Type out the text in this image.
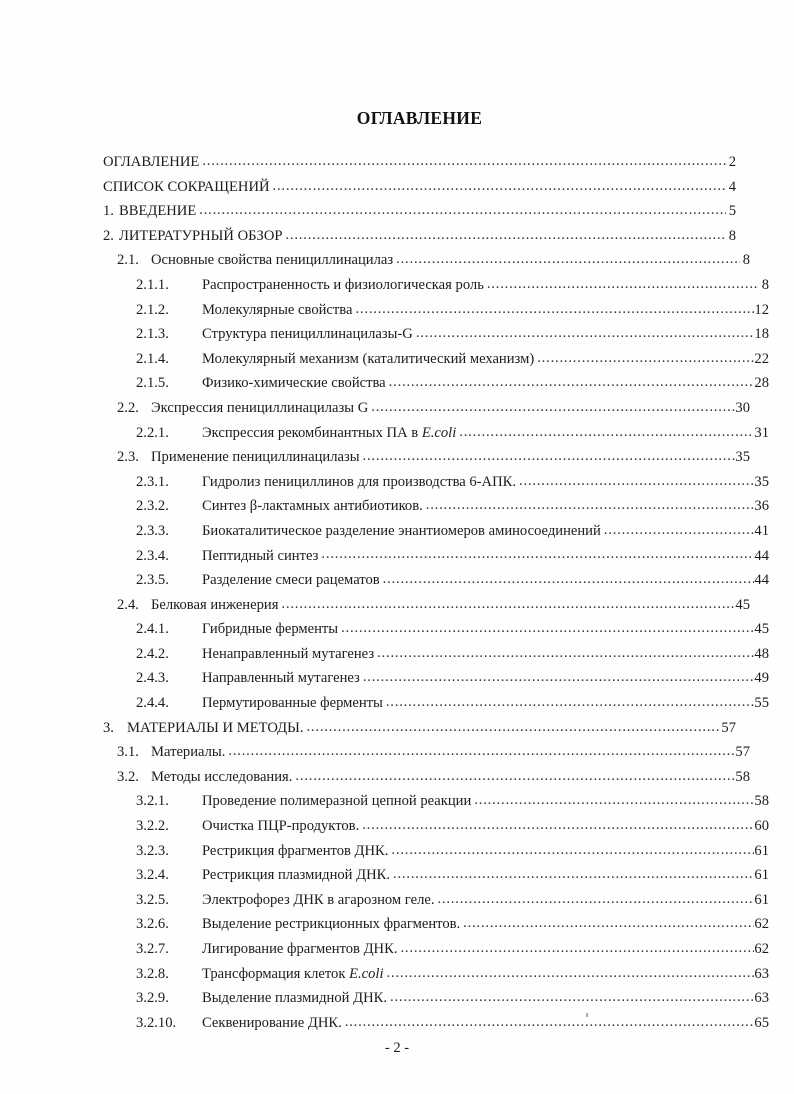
ОГЛАВЛЕНИЕ
ОГЛАВЛЕНИЕ .....	2
СПИСОК СОКРАЩЕНИЙ .....	4
1. ВВЕДЕНИЕ .....	5
2. ЛИТЕРАТУРНЫЙ ОБЗОР .....	8
2.1. Основные свойства пенициллинацилаз .....	8
2.1.1.	Распространенность и физиологическая роль .....	8
2.1.2.	Молекулярные свойства .....	12
2.1.3.	Структура пенициллинацилазы-G .....	18
2.1.4.	Молекулярный механизм (каталитический механизм) .....	22
2.1.5.	Физико-химические свойства .....	28
2.2. Экспрессия пенициллинацилазы G .....	30
2.2.1.	Экспрессия рекомбинантных ПА в E.coli .....	31
2.3. Применение пенициллинацилазы .....	35
2.3.1.	Гидролиз пенициллинов для производства 6-АПК. .....	35
2.3.2.	Синтез β-лактамных антибиотиков. .....	36
2.3.3.	Биокаталитическое разделение энантиомеров аминосоединений .....	41
2.3.4.	Пептидный синтез .....	44
2.3.5.	Разделение смеси рацематов .....	44
2.4. Белковая инженерия .....	45
2.4.1.	Гибридные ферменты .....	45
2.4.2.	Ненаправленный мутагенез .....	48
2.4.3.	Направленный мутагенез .....	49
2.4.4.	Пермутированные ферменты .....	55
3. МАТЕРИАЛЫ И МЕТОДЫ. .....	57
3.1. Материалы. .....	57
3.2. Методы исследования. .....	58
3.2.1.	Проведение полимеразной цепной реакции .....	58
3.2.2.	Очистка ПЦР-продуктов. .....	60
3.2.3.	Рестрикция фрагментов ДНК. .....	61
3.2.4.	Рестрикция плазмидной ДНК. .....	61
3.2.5.	Электрофорез ДНК в агарозном геле. .....	61
3.2.6.	Выделение рестрикционных фрагментов. .....	62
3.2.7.	Лигирование фрагментов ДНК. .....	62
3.2.8.	Трансформация клеток E.coli .....	63
3.2.9.	Выделение плазмидной ДНК. .....	63
3.2.10.	Секвенирование ДНК. .....	65
- 2 -
